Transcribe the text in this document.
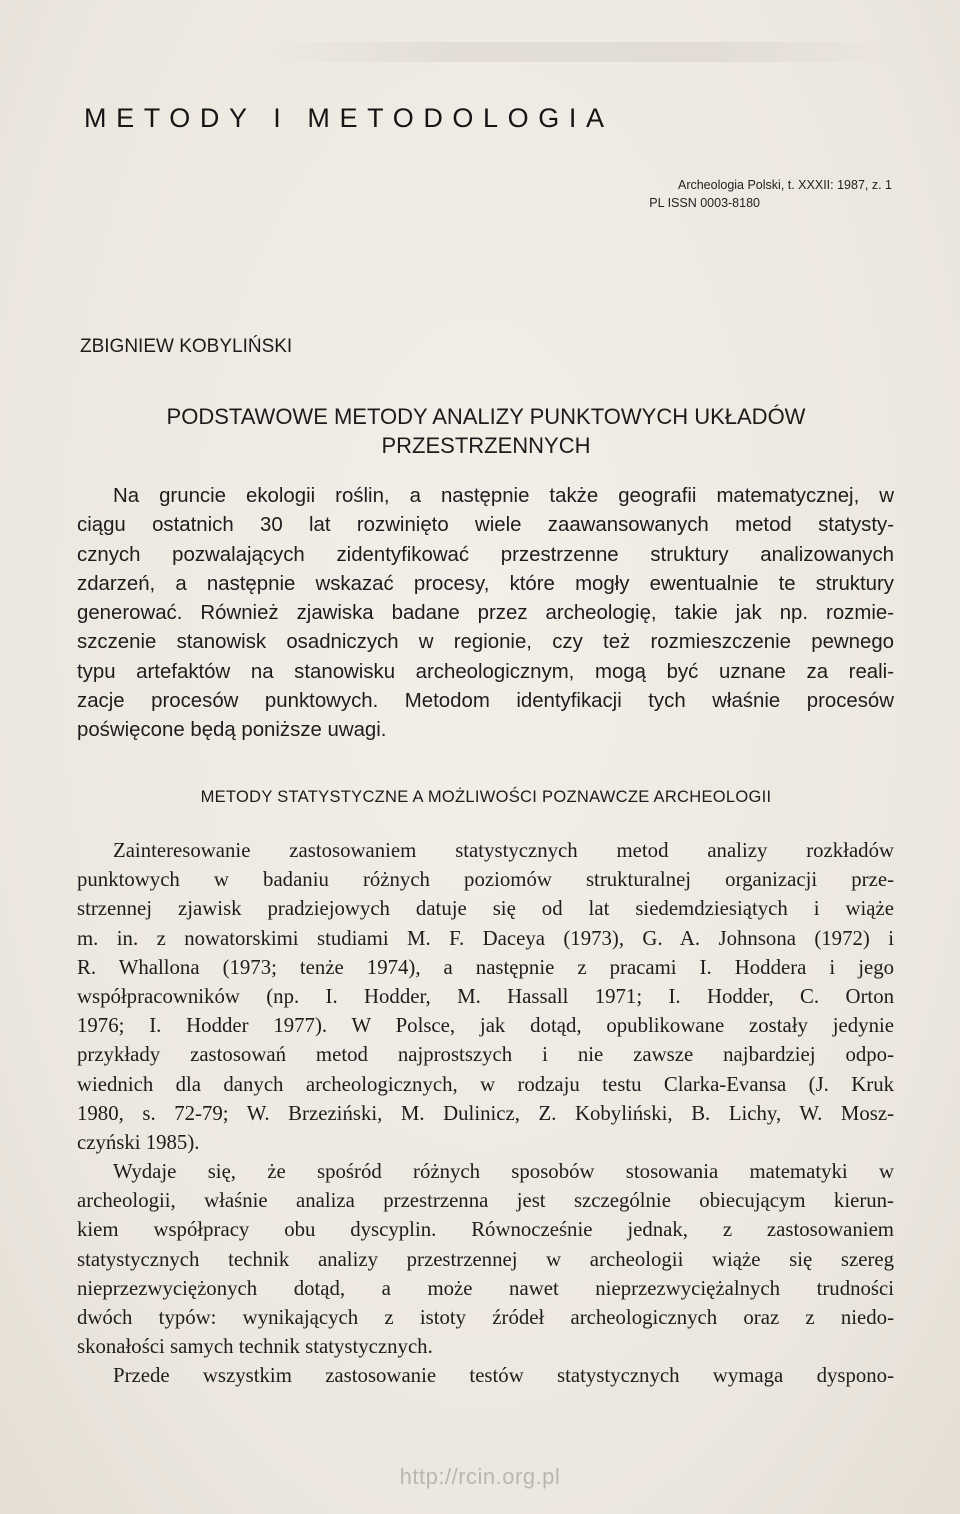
METODY I METODOLOGIA
Archeologia Polski, t. XXXII: 1987, z. 1
PL ISSN 0003-8180
ZBIGNIEW KOBYLIŃSKI
PODSTAWOWE METODY ANALIZY PUNKTOWYCH UKŁADÓW
PRZESTRZENNYCH
Na gruncie ekologii roślin, a następnie także geografii matematycznej, w
ciągu ostatnich 30 lat rozwinięto wiele zaawansowanych metod statysty-
cznych pozwalających zidentyfikować przestrzenne struktury analizowanych
zdarzeń, a następnie wskazać procesy, które mogły ewentualnie te struktury
generować. Również zjawiska badane przez archeologię, takie jak np. rozmie-
szczenie stanowisk osadniczych w regionie, czy też rozmieszczenie pewnego
typu artefaktów na stanowisku archeologicznym, mogą być uznane za reali-
zacje procesów punktowych. Metodom identyfikacji tych właśnie procesów
poświęcone będą poniższe uwagi.
METODY STATYSTYCZNE A MOŻLIWOŚCI POZNAWCZE ARCHEOLOGII
Zainteresowanie zastosowaniem statystycznych metod analizy rozkładów
punktowych w badaniu różnych poziomów strukturalnej organizacji prze-
strzennej zjawisk pradziejowych datuje się od lat siedemdziesiątych i wiąże
m. in. z nowatorskimi studiami M. F. Daceya (1973), G. A. Johnsona (1972) i
R. Whallona (1973; tenże 1974), a następnie z pracami I. Hoddera i jego
współpracowników (np. I. Hodder, M. Hassall 1971; I. Hodder, C. Orton
1976; I. Hodder 1977). W Polsce, jak dotąd, opublikowane zostały jedynie
przykłady zastosowań metod najprostszych i nie zawsze najbardziej odpo-
wiednich dla danych archeologicznych, w rodzaju testu Clarka-Evansa (J. Kruk
1980, s. 72-79; W. Brzeziński, M. Dulinicz, Z. Kobyliński, B. Lichy, W. Mosz-
czyński 1985).
Wydaje się, że spośród różnych sposobów stosowania matematyki w
archeologii, właśnie analiza przestrzenna jest szczególnie obiecującym kierun-
kiem współpracy obu dyscyplin. Równocześnie jednak, z zastosowaniem
statystycznych technik analizy przestrzennej w archeologii wiąże się szereg
nieprzezwyciężonych dotąd, a może nawet nieprzezwyciężalnych trudności
dwóch typów: wynikających z istoty źródeł archeologicznych oraz z niedo-
skonałości samych technik statystycznych.
Przede wszystkim zastosowanie testów statystycznych wymaga dyspono-
http://rcin.org.pl
